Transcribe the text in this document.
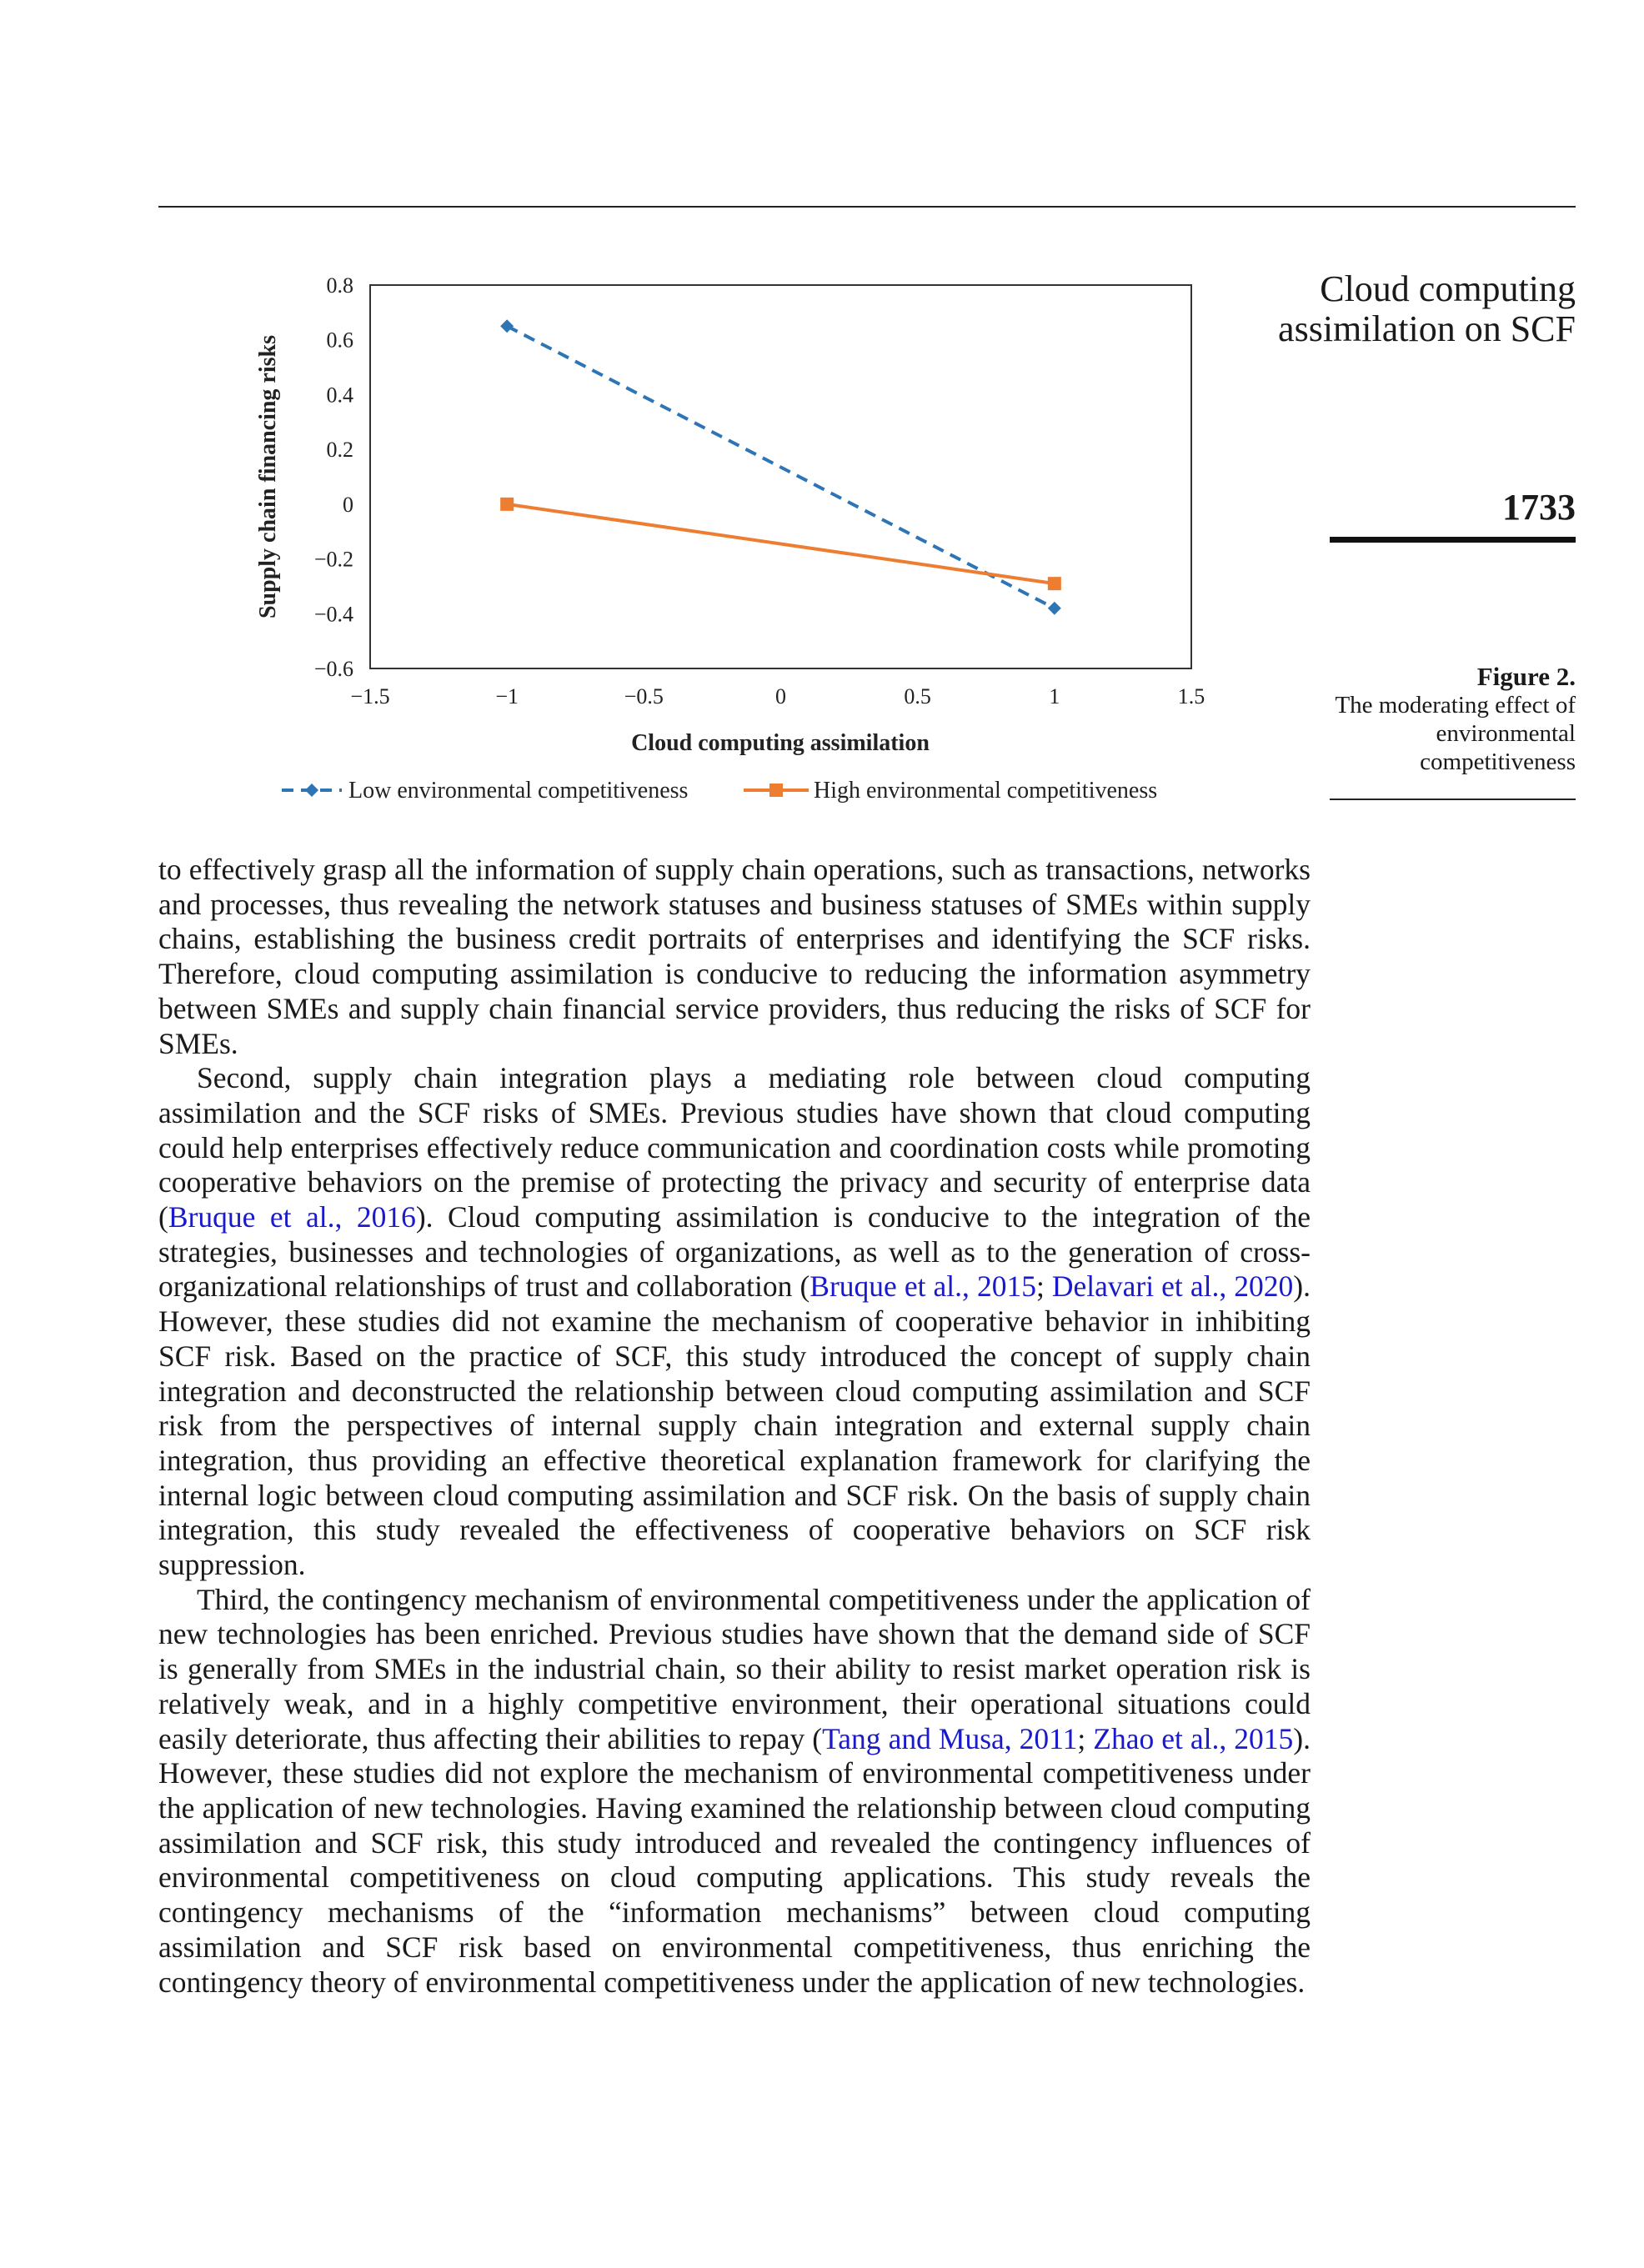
Cloud computing assimilation on SCF
1733
Figure 2.
The moderating effect of environmental competitiveness
0.8
0.6
0.4
0.2
0
−0.2
−0.4
−0.6
−1.5	−1	−0.5	0	0.5	1	1.5
Supply chain financing risks
Cloud computing assimilation
Low environmental competitiveness	High environmental competitiveness

to effectively grasp all the information of supply chain operations, such as transactions, networks and processes, thus revealing the network statuses and business statuses of SMEs within supply chains, establishing the business credit portraits of enterprises and identifying the SCF risks. Therefore, cloud computing assimilation is conducive to reducing the information asymmetry between SMEs and supply chain financial service providers, thus reducing the risks of SCF for SMEs.

Second, supply chain integration plays a mediating role between cloud computing assimilation and the SCF risks of SMEs. Previous studies have shown that cloud computing could help enterprises effectively reduce communication and coordination costs while promoting cooperative behaviors on the premise of protecting the privacy and security of enterprise data (Bruque et al., 2016). Cloud computing assimilation is conducive to the integration of the strategies, businesses and technologies of organizations, as well as to the generation of cross-organizational relationships of trust and collaboration (Bruque et al., 2015; Delavari et al., 2020). However, these studies did not examine the mechanism of cooperative behavior in inhibiting SCF risk. Based on the practice of SCF, this study introduced the concept of supply chain integration and deconstructed the relationship between cloud computing assimilation and SCF risk from the perspectives of internal supply chain integration and external supply chain integration, thus providing an effective theoretical explanation framework for clarifying the internal logic between cloud computing assimilation and SCF risk. On the basis of supply chain integration, this study revealed the effectiveness of cooperative behaviors on SCF risk suppression.

Third, the contingency mechanism of environmental competitiveness under the application of new technologies has been enriched. Previous studies have shown that the demand side of SCF is generally from SMEs in the industrial chain, so their ability to resist market operation risk is relatively weak, and in a highly competitive environment, their operational situations could easily deteriorate, thus affecting their abilities to repay (Tang and Musa, 2011; Zhao et al., 2015). However, these studies did not explore the mechanism of environmental competitiveness under the application of new technologies. Having examined the relationship between cloud computing assimilation and SCF risk, this study introduced and revealed the contingency influences of environmental competitiveness on cloud computing applications. This study reveals the contingency mechanisms of the “information mechanisms” between cloud computing assimilation and SCF risk based on environmental competitiveness, thus enriching the contingency theory of environmental competitiveness under the application of new technologies.
